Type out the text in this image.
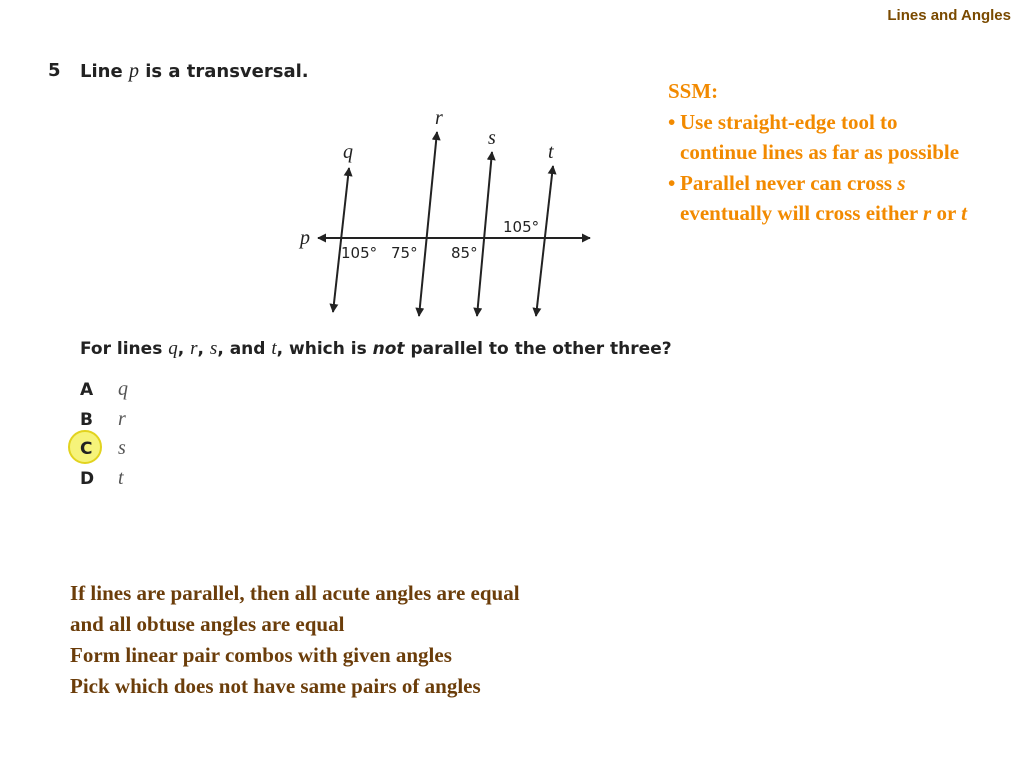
Lines and Angles
5 Line p is a transversal.
p
q
r
s
t
105° 75° 85°
105°
For lines q, r, s, and t, which is not parallel to the other three?
A q
B r
C s
D t
SSM:
• Use straight-edge tool to continue lines as far as possible
• Parallel never can cross s eventually will cross either r or t
If lines are parallel, then all acute angles are equal
and all obtuse angles are equal
Form linear pair combos with given angles
Pick which does not have same pairs of angles
